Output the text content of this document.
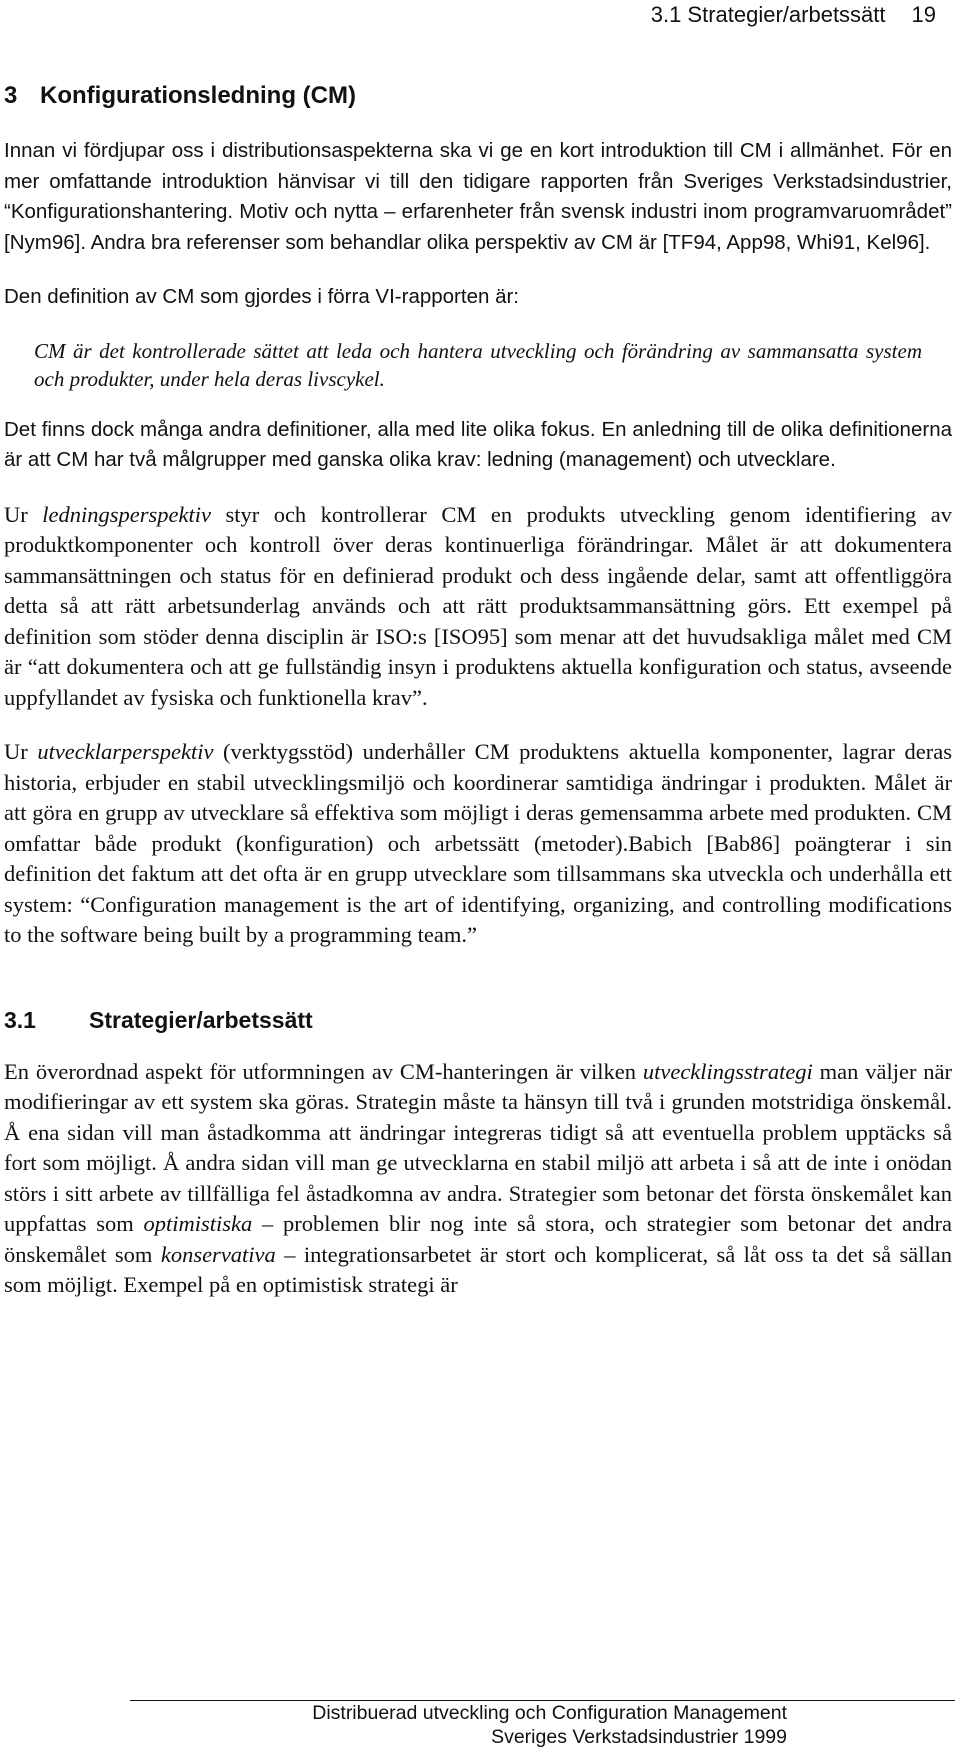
3.1 Strategier/arbetssätt 19
3 Konfigurationsledning (CM)

Innan vi fördjupar oss i distributionsaspekterna ska vi ge en kort introduktion till CM i allmänhet. För en mer omfattande introduktion hänvisar vi till den tidigare rapporten från Sveriges Verkstadsindustrier, “Konfigurationshantering. Motiv och nytta – erfarenheter från svensk industri inom programvaruområdet” [Nym96]. Andra bra referenser som behandlar olika perspektiv av CM är [TF94, App98, Whi91, Kel96].

Den definition av CM som gjordes i förra VI-rapporten är:

CM är det kontrollerade sättet att leda och hantera utveckling och förändring av sammansatta system och produkter, under hela deras livscykel.

Det finns dock många andra definitioner, alla med lite olika fokus. En anledning till de olika definitionerna är att CM har två målgrupper med ganska olika krav: ledning (management) och utvecklare.

Ur ledningsperspektiv styr och kontrollerar CM en produkts utveckling genom identifiering av produktkomponenter och kontroll över deras kontinuerliga förändringar. Målet är att dokumentera sammansättningen och status för en definierad produkt och dess ingående delar, samt att offentliggöra detta så att rätt arbetsunderlag används och att rätt produktsammansättning görs. Ett exempel på definition som stöder denna disciplin är ISO:s [ISO95] som menar att det huvudsakliga målet med CM är “att dokumentera och att ge fullständig insyn i produktens aktuella konfiguration och status, avseende uppfyllandet av fysiska och funktionella krav”.

Ur utvecklarperspektiv (verktygsstöd) underhåller CM produktens aktuella komponenter, lagrar deras historia, erbjuder en stabil utvecklingsmiljö och koordinerar samtidiga ändringar i produkten. Målet är att göra en grupp av utvecklare så effektiva som möjligt i deras gemensamma arbete med produkten. CM omfattar både produkt (konfiguration) och arbetssätt (metoder).Babich [Bab86] poängterar i sin definition det faktum att det ofta är en grupp utvecklare som tillsammans ska utveckla och underhålla ett system: “Configuration management is the art of identifying, organizing, and controlling modifications to the software being built by a programming team.”

3.1 Strategier/arbetssätt

En överordnad aspekt för utformningen av CM-hanteringen är vilken utvecklingsstrategi man väljer när modifieringar av ett system ska göras. Strategin måste ta hänsyn till två i grunden motstridiga önskemål. Å ena sidan vill man åstadkomma att ändringar integreras tidigt så att eventuella problem upptäcks så fort som möjligt. Å andra sidan vill man ge utvecklarna en stabil miljö att arbeta i så att de inte i onödan störs i sitt arbete av tillfälliga fel åstadkomna av andra. Strategier som betonar det första önskemålet kan uppfattas som optimistiska – problemen blir nog inte så stora, och strategier som betonar det andra önskemålet som konservativa – integrationsarbetet är stort och komplicerat, så låt oss ta det så sällan som möjligt. Exempel på en optimistisk strategi är

Distribuerad utveckling och Configuration Management
Sveriges Verkstadsindustrier 1999
